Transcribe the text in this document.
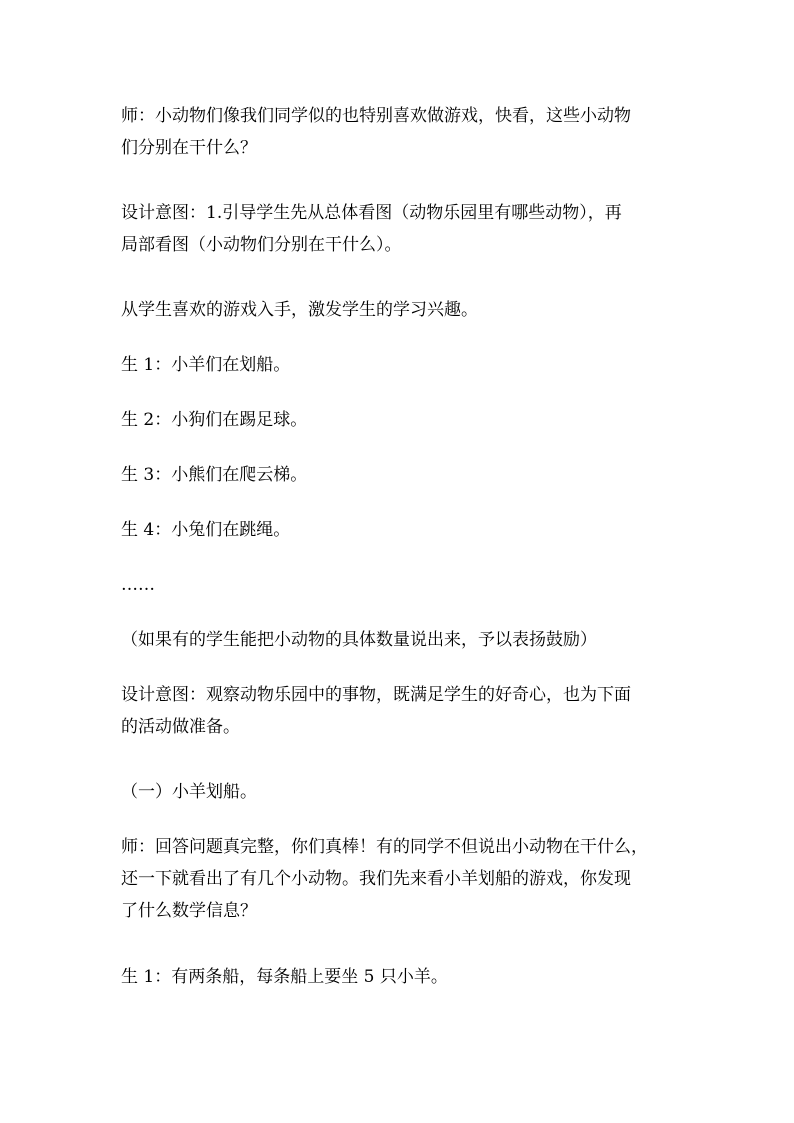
师：小动物们像我们同学似的也特别喜欢做游戏，快看，这些小动物
们分别在干什么？
设计意图：1.引导学生先从总体看图（动物乐园里有哪些动物），再
局部看图（小动物们分别在干什么）。
从学生喜欢的游戏入手，激发学生的学习兴趣。
生 1：小羊们在划船。
生 2：小狗们在踢足球。
生 3：小熊们在爬云梯。
生 4：小兔们在跳绳。
……
（如果有的学生能把小动物的具体数量说出来，予以表扬鼓励）
设计意图：观察动物乐园中的事物，既满足学生的好奇心，也为下面
的活动做准备。
（一）小羊划船。
师：回答问题真完整，你们真棒！有的同学不但说出小动物在干什么，
还一下就看出了有几个小动物。我们先来看小羊划船的游戏，你发现
了什么数学信息？
生 1：有两条船，每条船上要坐 5 只小羊。
